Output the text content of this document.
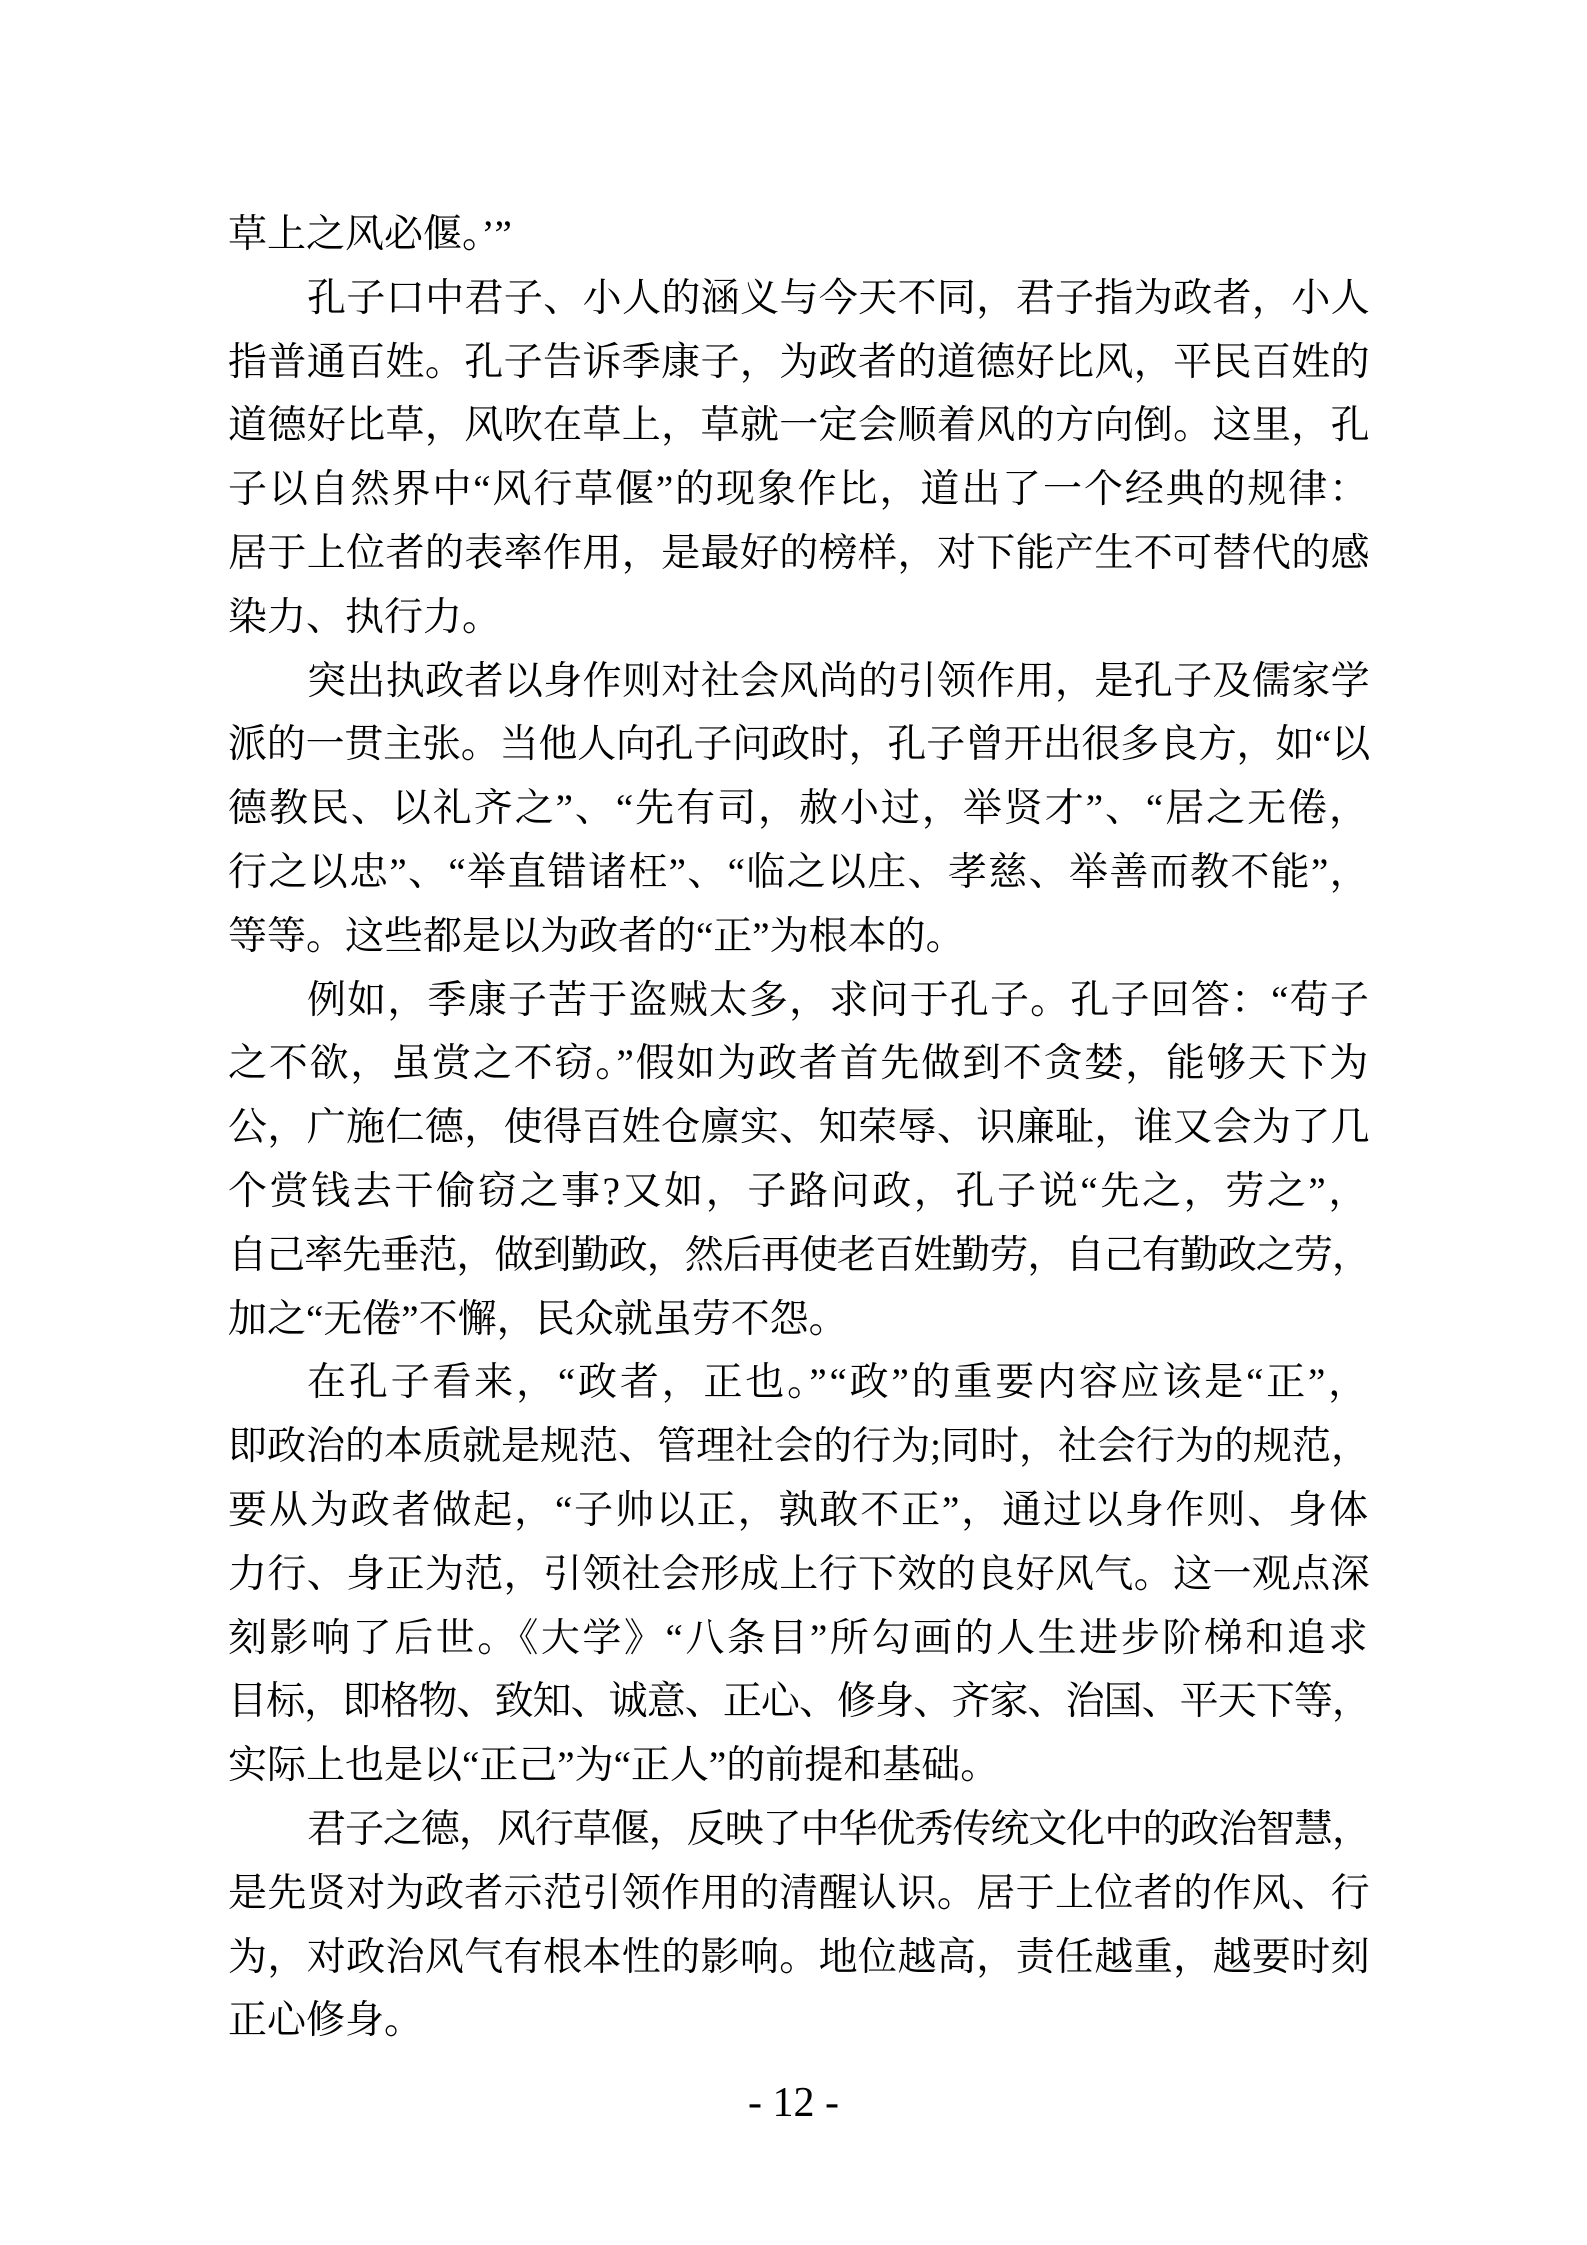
草上之风必偃。’”
孔子口中君子、小人的涵义与今天不同，君子指为政者，小人
指普通百姓。孔子告诉季康子，为政者的道德好比风，平民百姓的
道德好比草，风吹在草上，草就一定会顺着风的方向倒。这里，孔
子以自然界中“风行草偃”的现象作比，道出了一个经典的规律：
居于上位者的表率作用，是最好的榜样，对下能产生不可替代的感
染力、执行力。
突出执政者以身作则对社会风尚的引领作用，是孔子及儒家学
派的一贯主张。当他人向孔子问政时，孔子曾开出很多良方，如“以
德教民、以礼齐之”、“先有司，赦小过，举贤才”、“居之无倦，
行之以忠”、“举直错诸枉”、“临之以庄、孝慈、举善而教不能”，
等等。这些都是以为政者的“正”为根本的。
例如，季康子苦于盗贼太多，求问于孔子。孔子回答：“苟子
之不欲，虽赏之不窃。”假如为政者首先做到不贪婪，能够天下为
公，广施仁德，使得百姓仓廪实、知荣辱、识廉耻，谁又会为了几
个赏钱去干偷窃之事?又如，子路问政，孔子说“先之，劳之”，
自己率先垂范，做到勤政，然后再使老百姓勤劳，自己有勤政之劳，
加之“无倦”不懈，民众就虽劳不怨。
在孔子看来，“政者，正也。”“政”的重要内容应该是“正”，
即政治的本质就是规范、管理社会的行为;同时，社会行为的规范，
要从为政者做起，“子帅以正，孰敢不正”，通过以身作则、身体
力行、身正为范，引领社会形成上行下效的良好风气。这一观点深
刻影响了后世。《大学》“八条目”所勾画的人生进步阶梯和追求
目标，即格物、致知、诚意、正心、修身、齐家、治国、平天下等，
实际上也是以“正己”为“正人”的前提和基础。
君子之德，风行草偃，反映了中华优秀传统文化中的政治智慧，
是先贤对为政者示范引领作用的清醒认识。居于上位者的作风、行
为，对政治风气有根本性的影响。地位越高，责任越重，越要时刻
正心修身。
- 12 -
